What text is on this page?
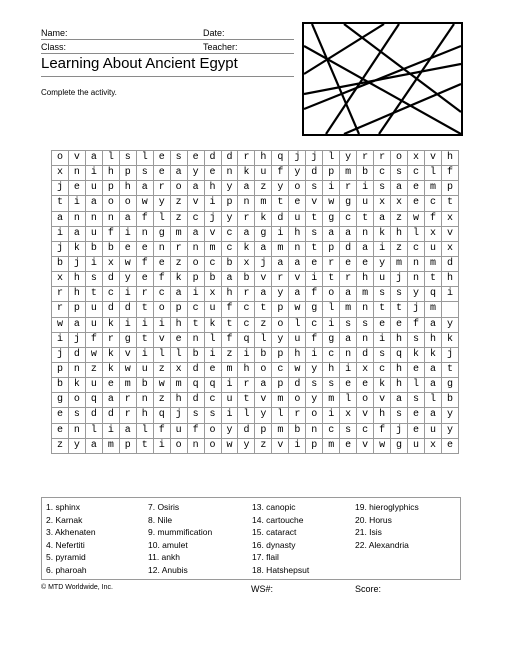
Name:	Date:
Class:	Teacher:
Learning About Ancient Egypt
Complete the activity.
o	v	a	l	s	l	e	s	e	d	d	r	h	q	j	j	l	y	r	r	o	x	v	h
x	n	i	h	p	s	e	a	y	e	n	k	u	f	y	d	p	m	b	c	s	c	l	f
j	e	u	p	h	a	r	o	a	h	y	a	z	y	o	s	i	r	i	s	a	e	m	p
t	i	a	o	o	w	y	z	v	i	p	n	m	t	e	v	w	g	u	x	x	e	c	t
a	n	n	n	a	f	l	z	c	j	y	r	k	d	u	t	g	c	t	a	z	w	f	x
i	a	u	f	i	n	g	m	a	v	c	a	g	i	h	s	a	a	n	k	h	l	x	v
j	k	b	b	e	e	n	r	n	m	c	k	a	m	n	t	p	d	a	i	z	c	u	x
b	j	i	x	w	f	e	z	o	c	b	x	j	a	a	e	r	e	e	y	m	n	m	d
x	h	s	d	y	e	f	k	p	b	a	b	v	r	v	i	t	r	h	u	j	n	t	h
r	h	t	c	i	r	c	a	i	x	h	r	a	y	a	f	o	a	m	s	s	y	q	i
r	p	u	d	d	t	o	p	c	u	f	c	t	p	w	g	l	m	n	t	t	j	m	
w	a	u	k	i	i	i	h	t	k	t	c	z	o	l	c	i	s	s	e	e	f	a	y
i	j	f	r	g	t	v	e	n	l	f	q	l	y	u	f	g	a	n	i	h	s	h	k
j	d	w	k	v	i	l	l	b	i	z	i	b	p	h	i	c	n	d	s	q	k	k	j
p	n	z	k	w	u	z	x	d	e	m	h	o	c	w	y	h	i	x	c	h	e	a	t
b	k	u	e	m	b	w	m	q	q	i	r	a	p	d	s	s	e	e	k	h	l	a	g
g	o	q	a	r	n	z	h	d	c	u	t	v	m	o	y	m	l	o	v	a	s	l	b
e	s	d	d	r	h	q	j	s	s	i	l	y	l	r	o	i	x	v	h	s	e	a	y
e	n	l	i	a	l	f	u	f	o	y	d	p	m	b	n	c	s	c	f	j	e	u	y
z	y	a	m	p	t	i	o	n	o	w	y	z	v	i	p	m	e	v	w	g	u	x	e
1. sphinx
2. Karnak
3. Akhenaten
4. Nefertiti
5. pyramid
6. pharoah
7. Osiris
8. Nile
9. mummification
10. amulet
11. ankh
12. Anubis
13. canopic
14. cartouche
15. cataract
16. dynasty
17. flail
18. Hatshepsut
19. hieroglyphics
20. Horus
21. Isis
22. Alexandria
© MTD Worldwide, Inc.	WS#:	Score:
